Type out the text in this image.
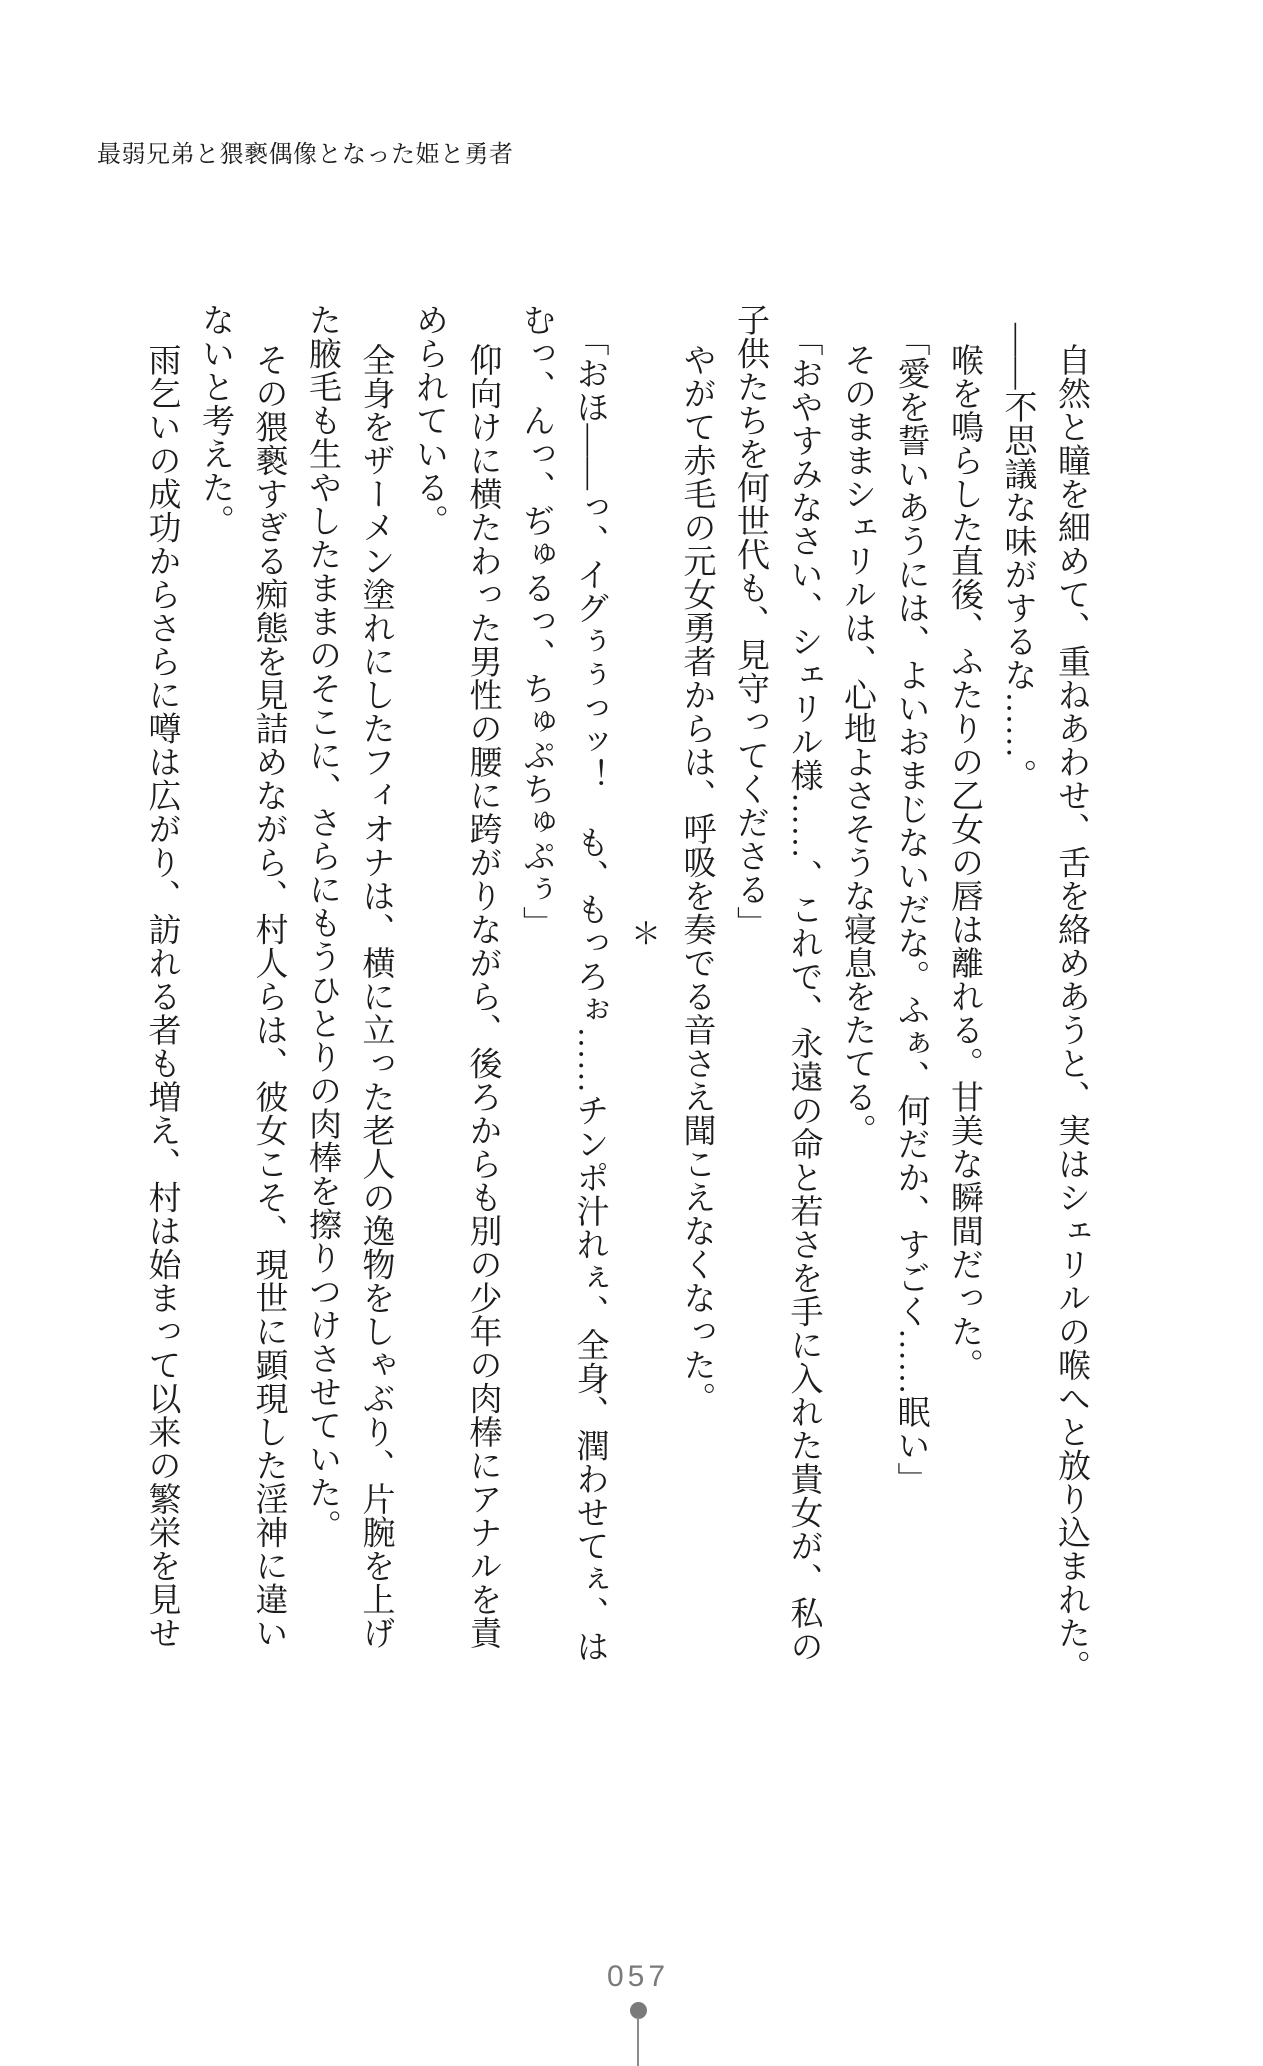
最弱兄弟と猥褻偶像となった姫と勇者

自然と瞳を細めて、重ねあわせ、舌を絡めあうと、実はシェリルの喉へと放り込まれた。

――不思議な味がするな……。

喉を鳴らした直後、ふたりの乙女の唇は離れる。甘美な瞬間だった。

「愛を誓いあうには、よいおまじないだな。ふぁ、何だか、すごく……眠い」

そのままシェリルは、心地よさそうな寝息をたてる。

「おやすみなさい、シェリル様……、これで、永遠の命と若さを手に入れた貴女が、私の

子供たちを何世代も、見守ってくださる」

やがて赤毛の元女勇者からは、呼吸を奏でる音さえ聞こえなくなった。

＊

「おほ――っ、イグぅぅっッ！　も、もっろぉ……チンポ汁れぇ、全身、潤わせてぇ、は

むっ、んっ、ぢゅるっ、ちゅぷちゅぷぅ」

仰向けに横たわった男性の腰に跨がりながら、後ろからも別の少年の肉棒にアナルを責

められている。

全身をザーメン塗れにしたフィオナは、横に立った老人の逸物をしゃぶり、片腕を上げ

た腋毛も生やしたままのそこに、さらにもうひとりの肉棒を擦りつけさせていた。

その猥褻すぎる痴態を見詰めながら、村人らは、彼女こそ、現世に顕現した淫神に違い

ないと考えた。

雨乞いの成功からさらに噂は広がり、訪れる者も増え、村は始まって以来の繁栄を見せ

057
